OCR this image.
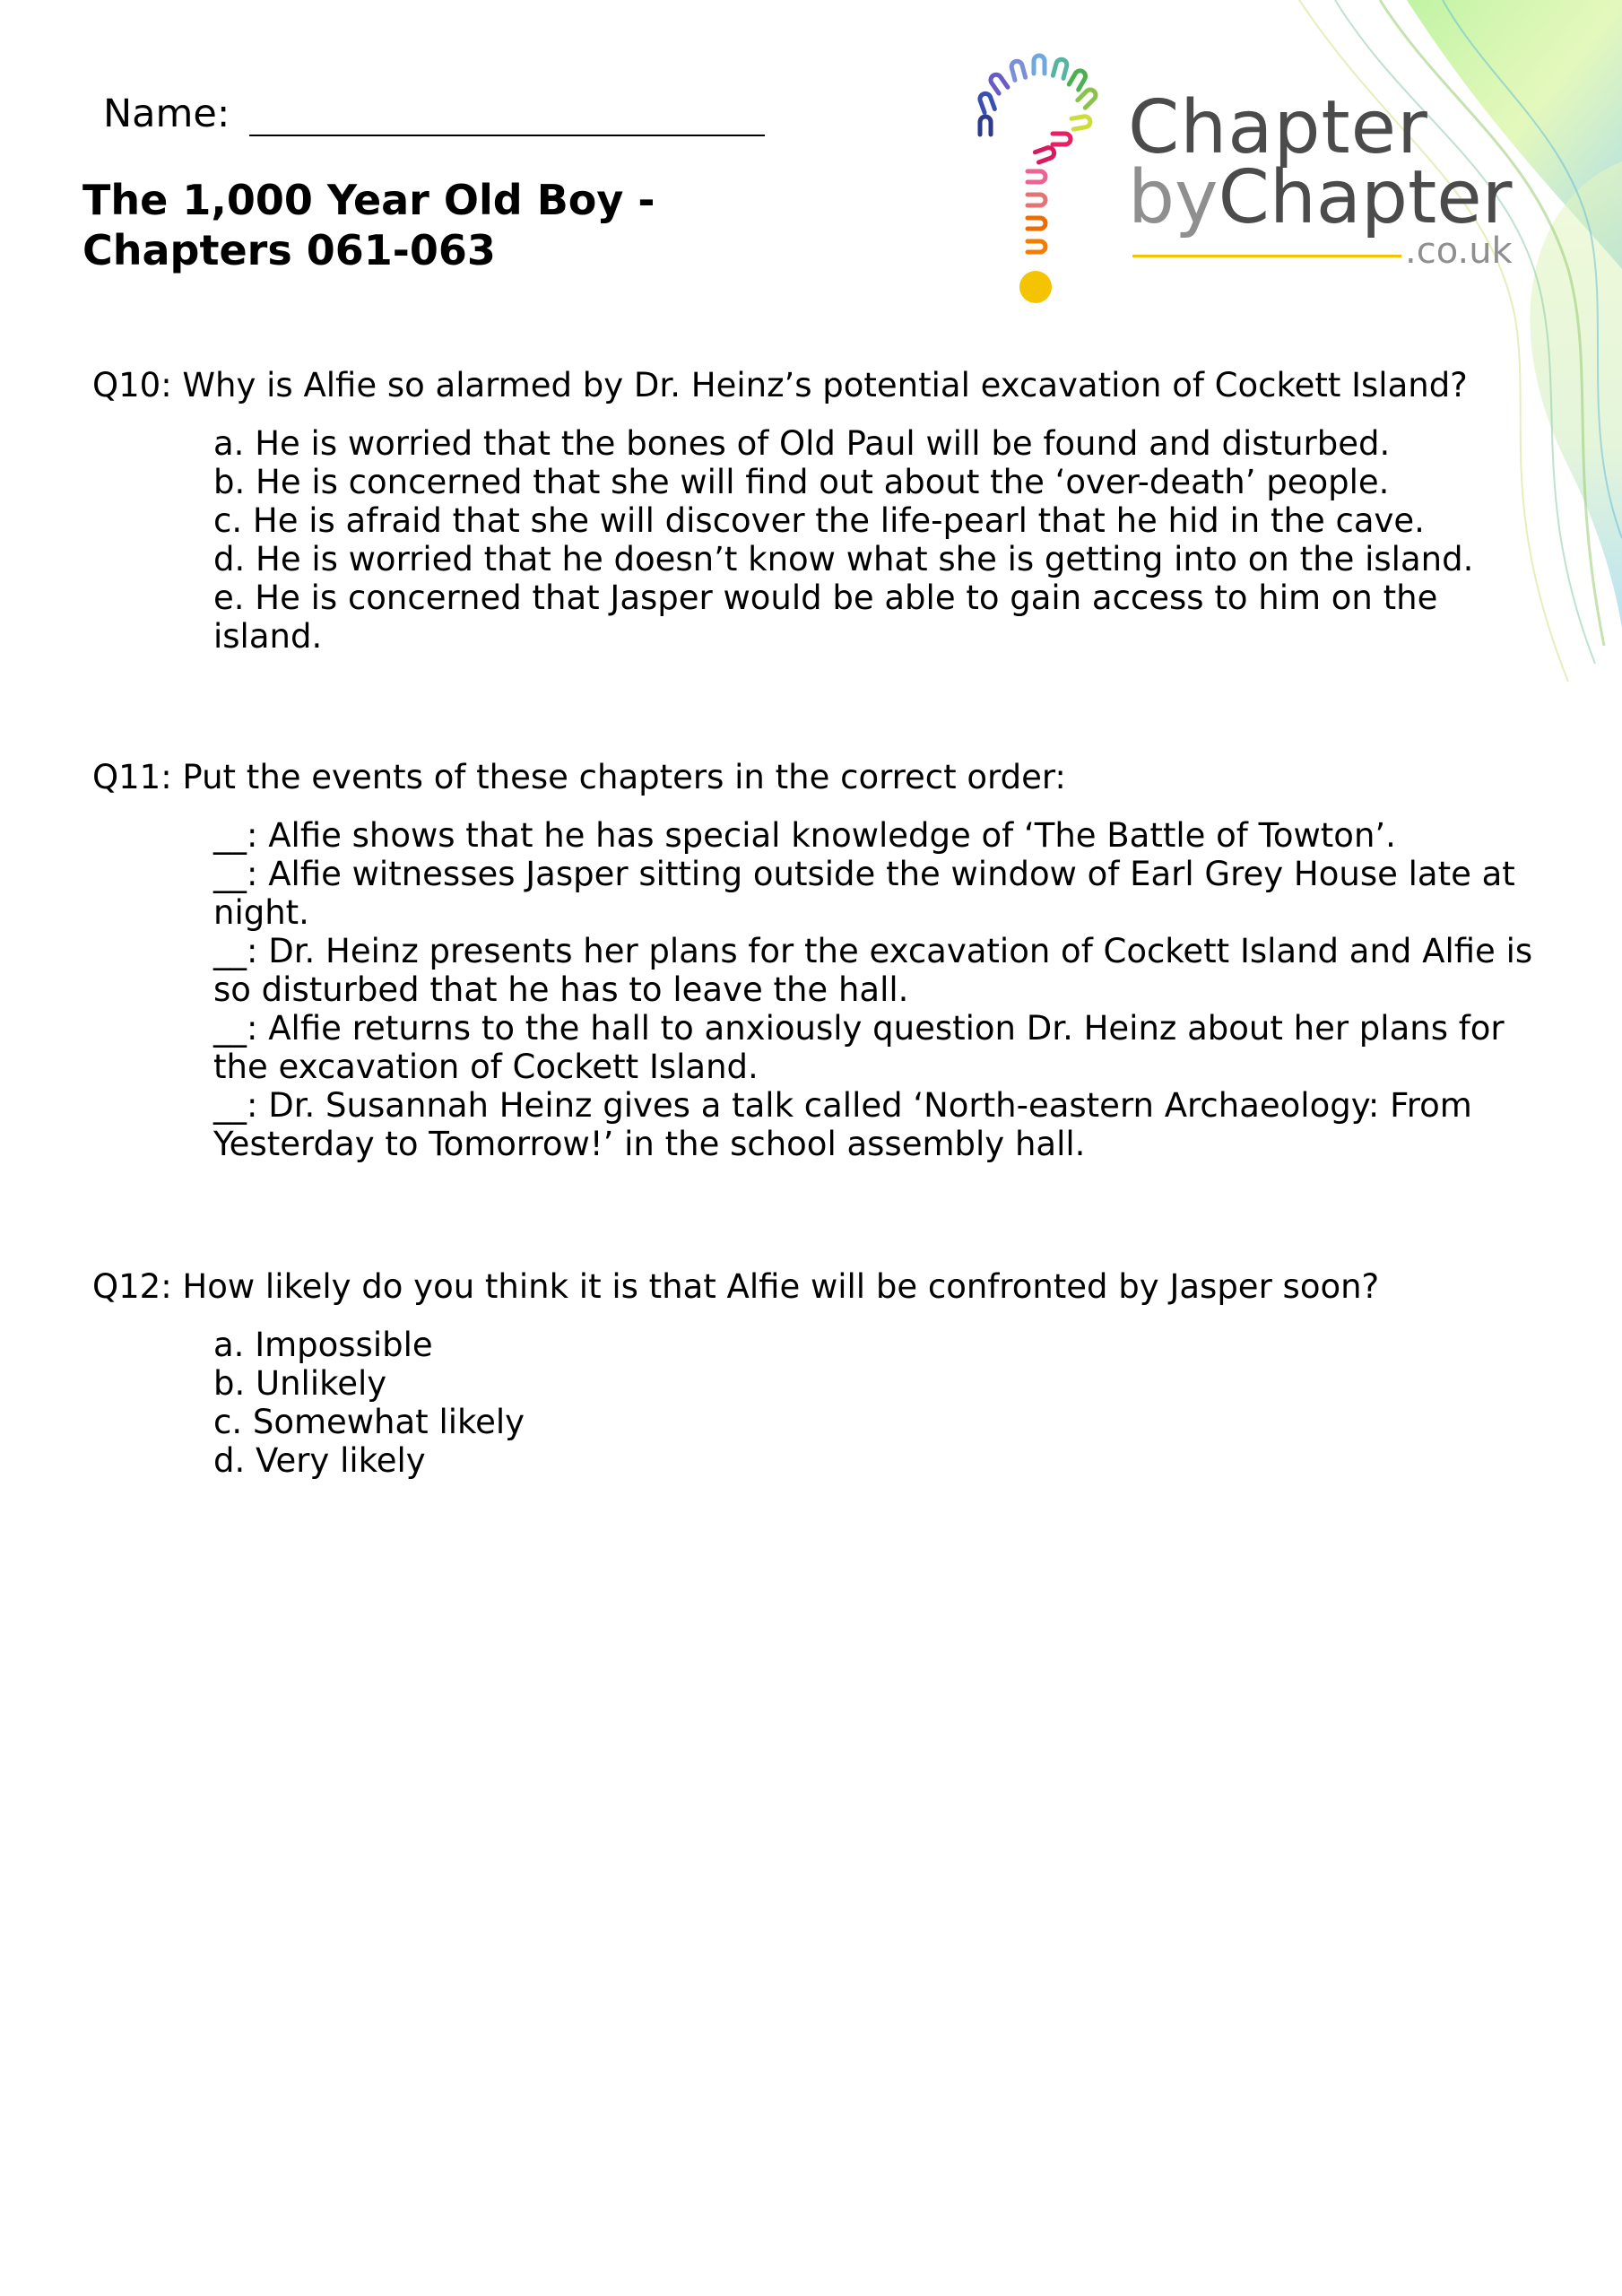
Name:
The 1,000 Year Old Boy -
Chapters 061-063
Chapter
byChapter
.co.uk
Q10: Why is Alfie so alarmed by Dr. Heinz’s potential excavation of Cockett Island?
a. He is worried that the bones of Old Paul will be found and disturbed.
b. He is concerned that she will find out about the ‘over-death’ people.
c. He is afraid that she will discover the life-pearl that he hid in the cave.
d. He is worried that he doesn’t know what she is getting into on the island.
e. He is concerned that Jasper would be able to gain access to him on the island.
Q11: Put the events of these chapters in the correct order:
__: Alfie shows that he has special knowledge of ‘The Battle of Towton’.
__: Alfie witnesses Jasper sitting outside the window of Earl Grey House late at night.
__: Dr. Heinz presents her plans for the excavation of Cockett Island and Alfie is so disturbed that he has to leave the hall.
__: Alfie returns to the hall to anxiously question Dr. Heinz about her plans for the excavation of Cockett Island.
__: Dr. Susannah Heinz gives a talk called ‘North-eastern Archaeology: From Yesterday to Tomorrow!’ in the school assembly hall.
Q12: How likely do you think it is that Alfie will be confronted by Jasper soon?
a. Impossible
b. Unlikely
c. Somewhat likely
d. Very likely
